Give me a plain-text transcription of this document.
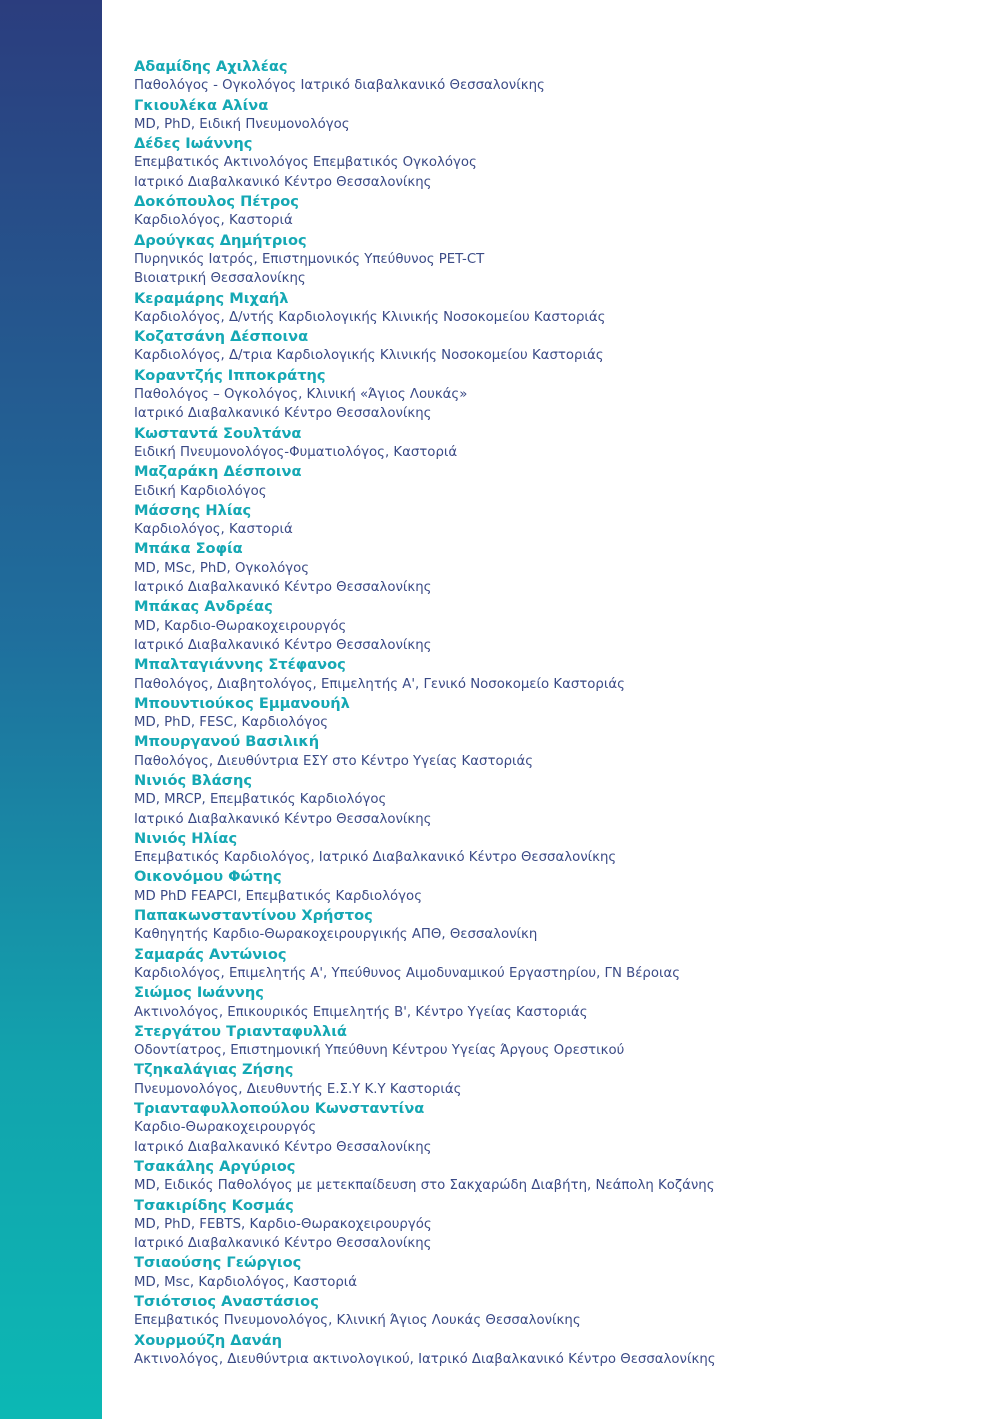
Αδαμίδης Αχιλλέας
Παθολόγος - Ογκολόγος Ιατρικό διαβαλκανικό Θεσσαλονίκης
Γκιουλέκα Αλίνα
MD, PhD, Ειδική Πνευμονολόγος
Δέδες Ιωάννης
Επεμβατικός Ακτινολόγος Επεμβατικός Ογκολόγος
Ιατρικό Διαβαλκανικό Κέντρο Θεσσαλονίκης
Δοκόπουλος Πέτρος
Καρδιολόγος, Καστοριά
Δρούγκας Δημήτριος
Πυρηνικός Ιατρός, Επιστημονικός Υπεύθυνος PET-CT
Βιοιατρική Θεσσαλονίκης
Κεραμάρης Μιχαήλ
Καρδιολόγος, Δ/ντής Καρδιολογικής Κλινικής Νοσοκομείου Καστοριάς
Κοζατσάνη Δέσποινα
Καρδιολόγος, Δ/τρια Καρδιολογικής Κλινικής Νοσοκομείου Καστοριάς
Κοραντζής Ιπποκράτης
Παθολόγος – Ογκολόγος, Κλινική «Άγιος Λουκάς»
Ιατρικό Διαβαλκανικό Κέντρο Θεσσαλονίκης
Κωσταντά Σουλτάνα
Ειδική Πνευμονολόγος-Φυματιολόγος, Καστοριά
Μαζαράκη Δέσποινα
Ειδική Καρδιολόγος
Μάσσης Ηλίας
Καρδιολόγος, Καστοριά
Μπάκα Σοφία
MD, MSc, PhD, Ογκολόγος
Ιατρικό Διαβαλκανικό Κέντρο Θεσσαλονίκης
Μπάκας Ανδρέας
MD, Καρδιο-Θωρακοχειρουργός
Ιατρικό Διαβαλκανικό Κέντρο Θεσσαλονίκης
Μπαλταγιάννης Στέφανος
Παθολόγος, Διαβητολόγος, Επιμελητής Α', Γενικό Νοσοκομείο Καστοριάς
Μπουντιούκος Εμμανουήλ
MD, PhD, FESC, Καρδιολόγος
Μπουργανού Βασιλική
Παθολόγος, Διευθύντρια ΕΣΥ στο Κέντρο Υγείας Καστοριάς
Νινιός Βλάσης
MD, MRCP, Επεμβατικός Καρδιολόγος
Ιατρικό Διαβαλκανικό Κέντρο Θεσσαλονίκης
Νινιός Ηλίας
Επεμβατικός Καρδιολόγος, Ιατρικό Διαβαλκανικό Κέντρο Θεσσαλονίκης
Οικονόμου Φώτης
MD PhD FEAPCI, Επεμβατικός Καρδιολόγος
Παπακωνσταντίνου Χρήστος
Καθηγητής Καρδιο-Θωρακοχειρουργικής ΑΠΘ, Θεσσαλονίκη
Σαμαράς Αντώνιος
Καρδιολόγος, Επιμελητής Α', Υπεύθυνος Αιμοδυναμικού Εργαστηρίου, ΓΝ Βέροιας
Σιώμος Ιωάννης
Ακτινολόγος, Επικουρικός Επιμελητής Β', Κέντρο Υγείας Καστοριάς
Στεργάτου Τριανταφυλλιά
Οδοντίατρος, Επιστημονική Υπεύθυνη Κέντρου Υγείας Άργους Ορεστικού
Τζηκαλάγιας Ζήσης
Πνευμονολόγος, Διευθυντής Ε.Σ.Υ Κ.Υ Καστοριάς
Τριανταφυλλοπούλου Κωνσταντίνα
Καρδιο-Θωρακοχειρουργός
Ιατρικό Διαβαλκανικό Κέντρο Θεσσαλονίκης
Τσακάλης Αργύριος
MD, Ειδικός Παθολόγος με μετεκπαίδευση στο Σακχαρώδη Διαβήτη, Νεάπολη Κοζάνης
Τσακιρίδης Κοσμάς
MD, PhD, FEBTS, Καρδιο-Θωρακοχειρουργός
Ιατρικό Διαβαλκανικό Κέντρο Θεσσαλονίκης
Τσιαούσης Γεώργιος
MD, Msc, Καρδιολόγος, Καστοριά
Τσιότσιος Αναστάσιος
Επεμβατικός Πνευμονολόγος, Κλινική Άγιος Λουκάς Θεσσαλονίκης
Χουρμούζη Δανάη
Ακτινολόγος, Διευθύντρια ακτινολογικού, Ιατρικό Διαβαλκανικό Κέντρο Θεσσαλονίκης
